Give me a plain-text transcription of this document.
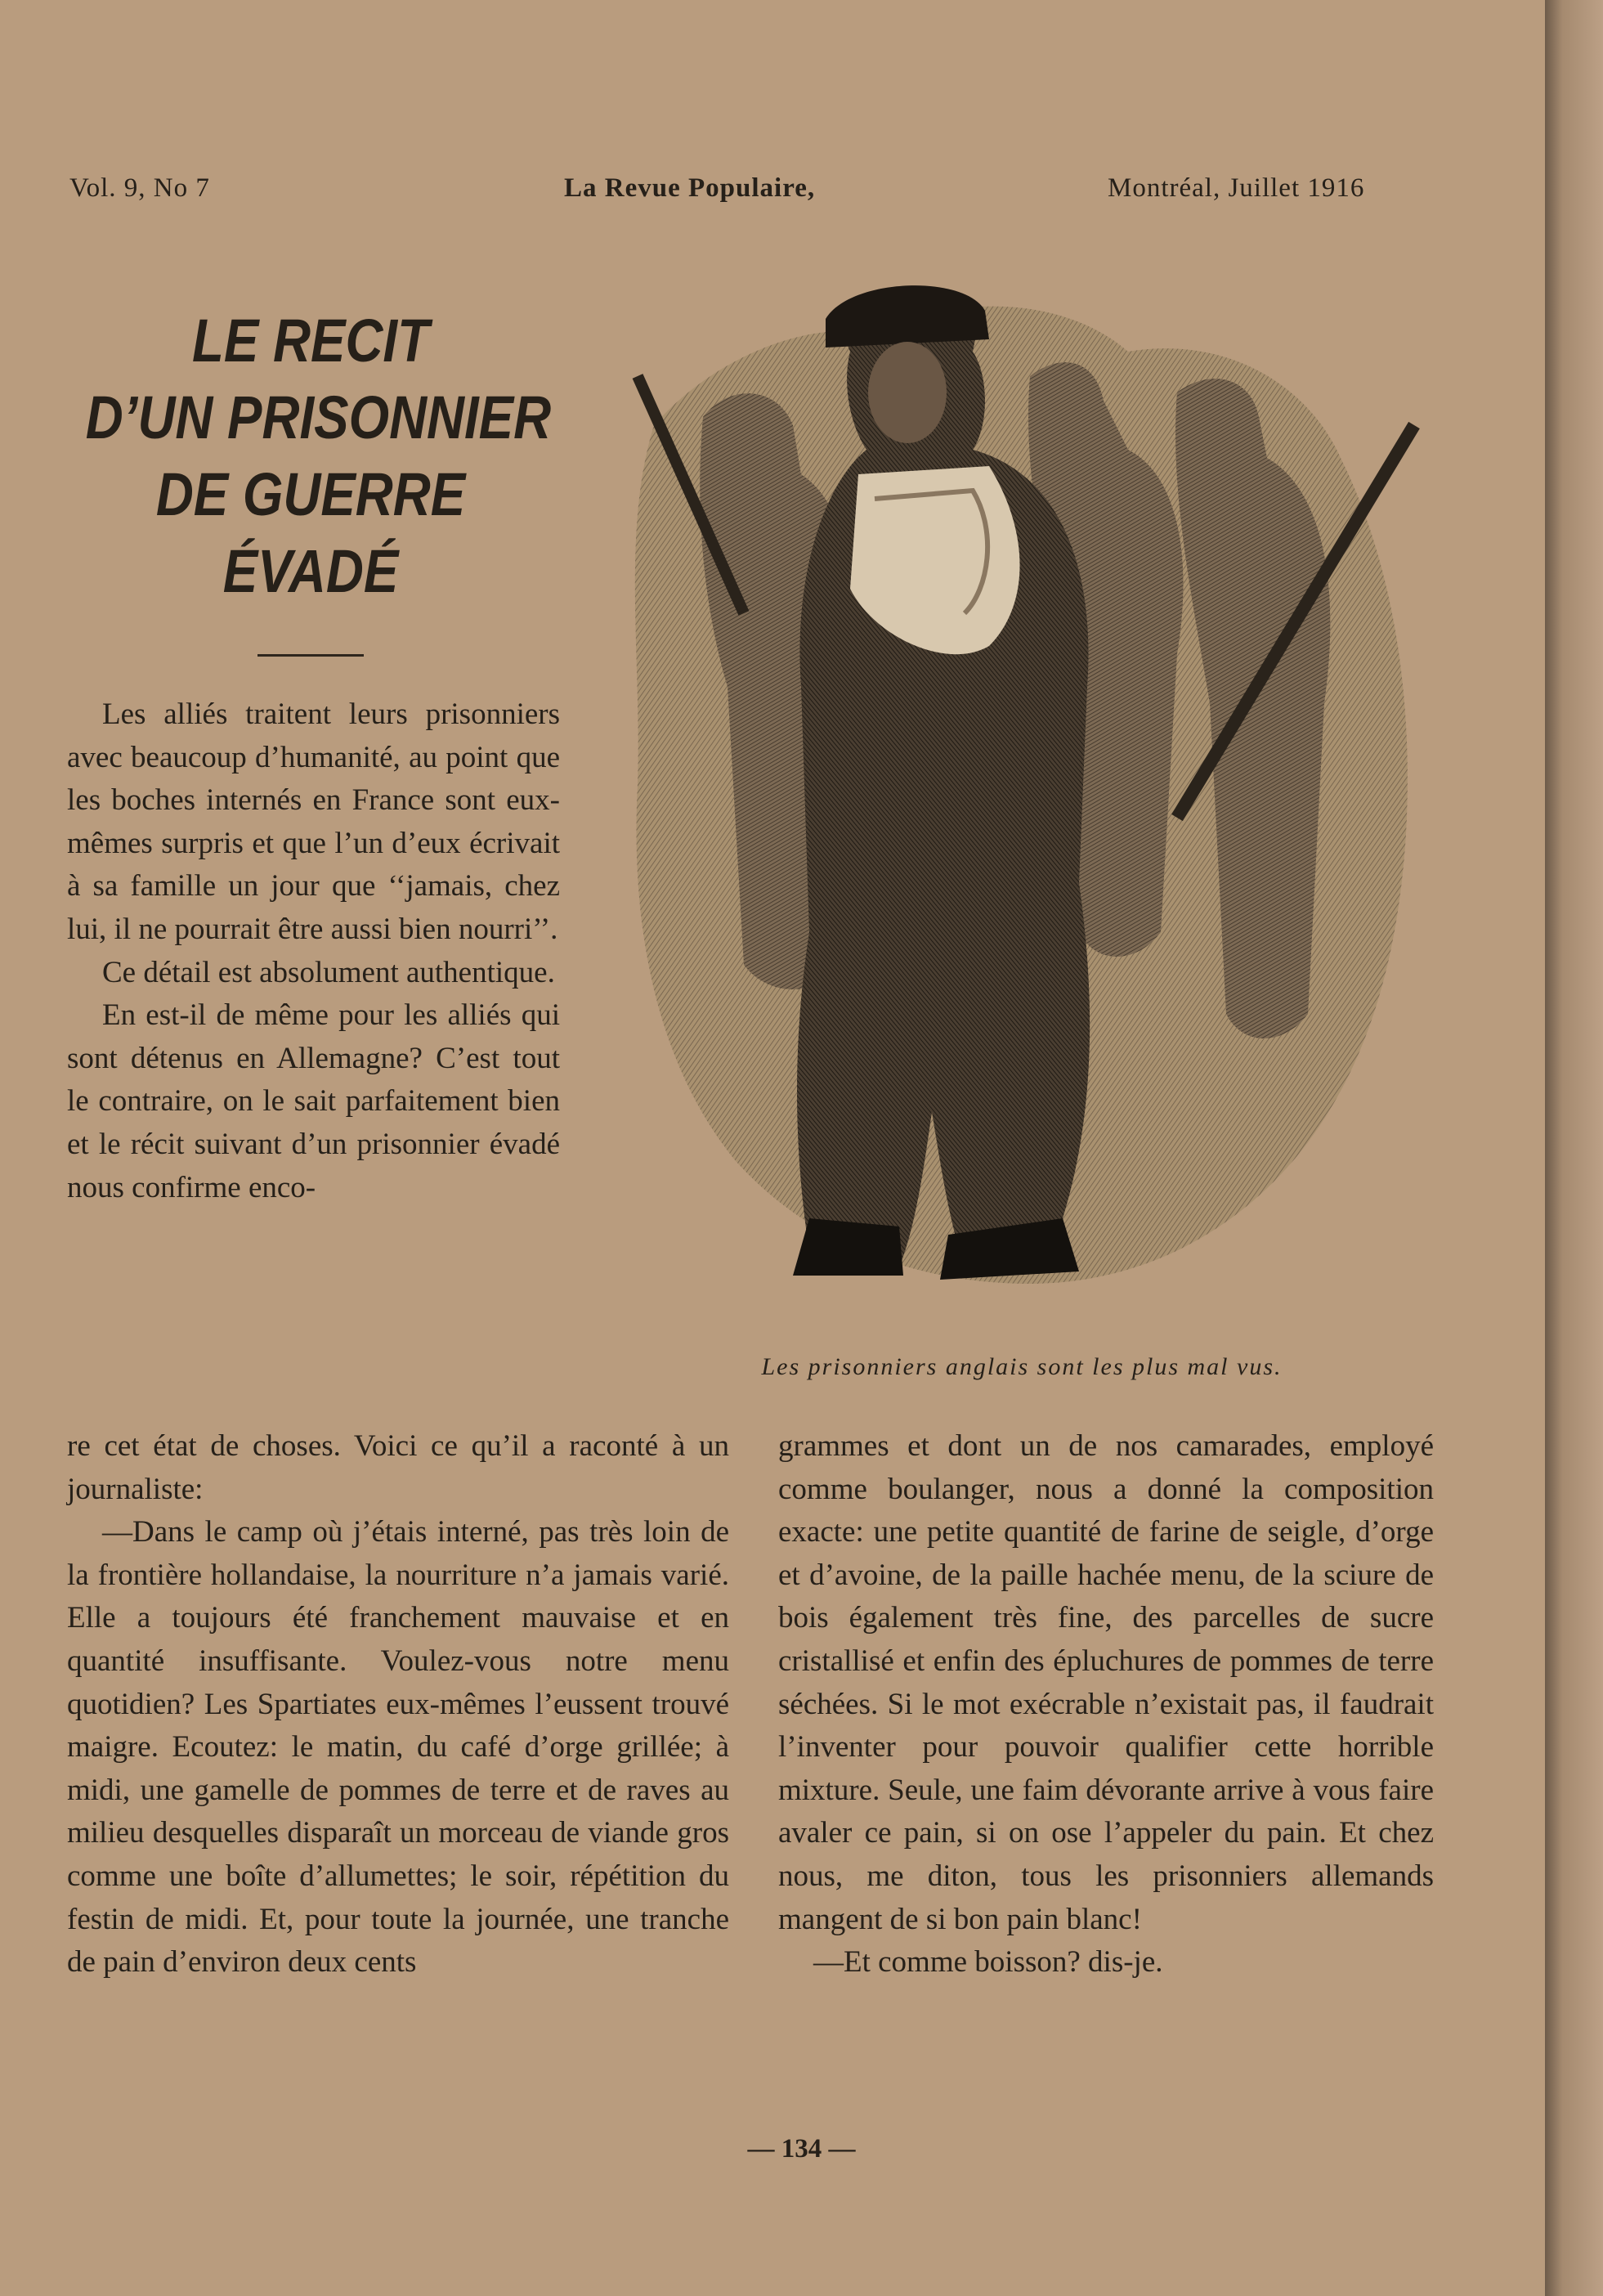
Vol. 9, No 7	La Revue Populaire,	Montréal, Juillet 1916
LE RECIT
D’UN PRISONNIER
DE GUERRE
ÉVADÉ

Les alliés traitent leurs prisonniers avec beaucoup d’humanité, au point que les boches internés en France sont eux-mêmes surpris et que l’un d’eux écrivait à sa famille un jour que ‘‘jamais, chez lui, il ne pourrait être aussi bien nourri’’.

Ce détail est absolument authentique.

En est-il de même pour les alliés qui sont détenus en Allemagne? C’est tout le contraire, on le sait parfaitement bien et le récit suivant d’un prisonnier évadé nous confirme enco-

Les prisonniers anglais sont les plus mal vus.

re cet état de choses. Voici ce qu’il a raconté à un journaliste:

—Dans le camp où j’étais interné, pas très loin de la frontière hollandaise, la nourriture n’a jamais varié. Elle a toujours été franchement mauvaise et en quantité insuffisante. Voulez-vous notre menu quotidien? Les Spartiates eux-mêmes l’eussent trouvé maigre. Ecoutez: le matin, du café d’orge grillée; à midi, une gamelle de pommes de terre et de raves au milieu desquelles disparaît un morceau de viande gros comme une boîte d’allumettes; le soir, répétition du festin de midi. Et, pour toute la journée, une tranche de pain d’environ deux cents

grammes et dont un de nos camarades, employé comme boulanger, nous a donné la composition exacte: une petite quantité de farine de seigle, d’orge et d’avoine, de la paille hachée menu, de la sciure de bois également très fine, des parcelles de sucre cristallisé et enfin des épluchures de pommes de terre séchées. Si le mot exécrable n’existait pas, il faudrait l’inventer pour pouvoir qualifier cette horrible mixture. Seule, une faim dévorante arrive à vous faire avaler ce pain, si on ose l’appeler du pain. Et chez nous, me diton, tous les prisonniers allemands mangent de si bon pain blanc!

—Et comme boisson? dis-je.

— 134 —
